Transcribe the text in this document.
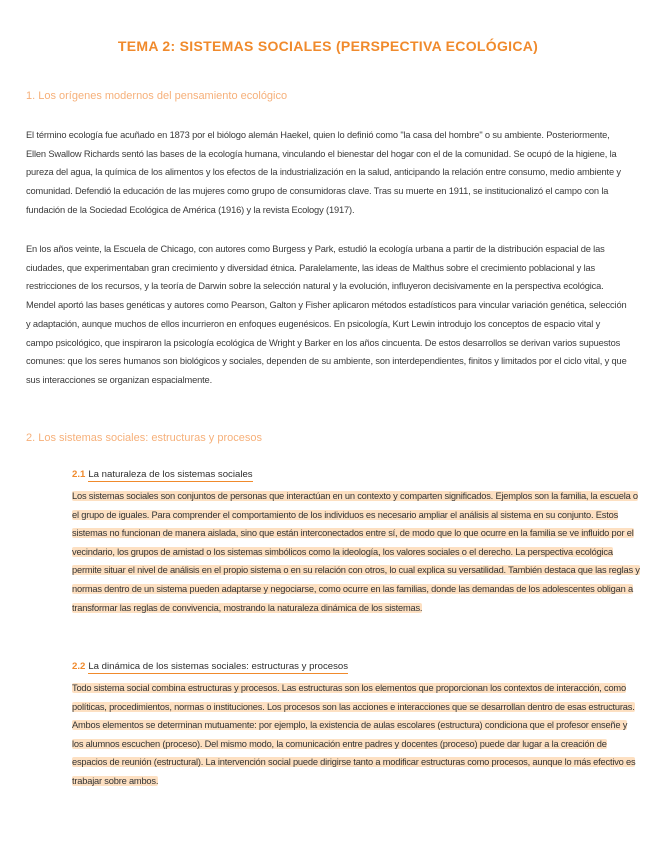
TEMA 2: SISTEMAS SOCIALES (PERSPECTIVA ECOLÓGICA)
1. Los orígenes modernos del pensamiento ecológico

El término ecología fue acuñado en 1873 por el biólogo alemán Haekel, quien lo definió como "la casa del hombre" o su ambiente. Posteriormente, Ellen Swallow Richards sentó las bases de la ecología humana, vinculando el bienestar del hogar con el de la comunidad. Se ocupó de la higiene, la pureza del agua, la química de los alimentos y los efectos de la industrialización en la salud, anticipando la relación entre consumo, medio ambiente y comunidad. Defendió la educación de las mujeres como grupo de consumidoras clave. Tras su muerte en 1911, se institucionalizó el campo con la fundación de la Sociedad Ecológica de América (1916) y la revista Ecology (1917).

En los años veinte, la Escuela de Chicago, con autores como Burgess y Park, estudió la ecología urbana a partir de la distribución espacial de las ciudades, que experimentaban gran crecimiento y diversidad étnica. Paralelamente, las ideas de Malthus sobre el crecimiento poblacional y las restricciones de los recursos, y la teoría de Darwin sobre la selección natural y la evolución, influyeron decisivamente en la perspectiva ecológica. Mendel aportó las bases genéticas y autores como Pearson, Galton y Fisher aplicaron métodos estadísticos para vincular variación genética, selección y adaptación, aunque muchos de ellos incurrieron en enfoques eugenésicos. En psicología, Kurt Lewin introdujo los conceptos de espacio vital y campo psicológico, que inspiraron la psicología ecológica de Wright y Barker en los años cincuenta. De estos desarrollos se derivan varios supuestos comunes: que los seres humanos son biológicos y sociales, dependen de su ambiente, son interdependientes, finitos y limitados por el ciclo vital, y que sus interacciones se organizan espacialmente.

2. Los sistemas sociales: estructuras y procesos
2.1 La naturaleza de los sistemas sociales

Los sistemas sociales son conjuntos de personas que interactúan en un contexto y comparten significados. Ejemplos son la familia, la escuela o el grupo de iguales. Para comprender el comportamiento de los individuos es necesario ampliar el análisis al sistema en su conjunto. Estos sistemas no funcionan de manera aislada, sino que están interconectados entre sí, de modo que lo que ocurre en la familia se ve influido por el vecindario, los grupos de amistad o los sistemas simbólicos como la ideología, los valores sociales o el derecho. La perspectiva ecológica permite situar el nivel de análisis en el propio sistema o en su relación con otros, lo cual explica su versatilidad. También destaca que las reglas y normas dentro de un sistema pueden adaptarse y negociarse, como ocurre en las familias, donde las demandas de los adolescentes obligan a transformar las reglas de convivencia, mostrando la naturaleza dinámica de los sistemas.

2.2 La dinámica de los sistemas sociales: estructuras y procesos

Todo sistema social combina estructuras y procesos. Las estructuras son los elementos que proporcionan los contextos de interacción, como políticas, procedimientos, normas o instituciones. Los procesos son las acciones e interacciones que se desarrollan dentro de esas estructuras. Ambos elementos se determinan mutuamente: por ejemplo, la existencia de aulas escolares (estructura) condiciona que el profesor enseñe y los alumnos escuchen (proceso). Del mismo modo, la comunicación entre padres y docentes (proceso) puede dar lugar a la creación de espacios de reunión (estructural). La intervención social puede dirigirse tanto a modificar estructuras como procesos, aunque lo más efectivo es trabajar sobre ambos.
